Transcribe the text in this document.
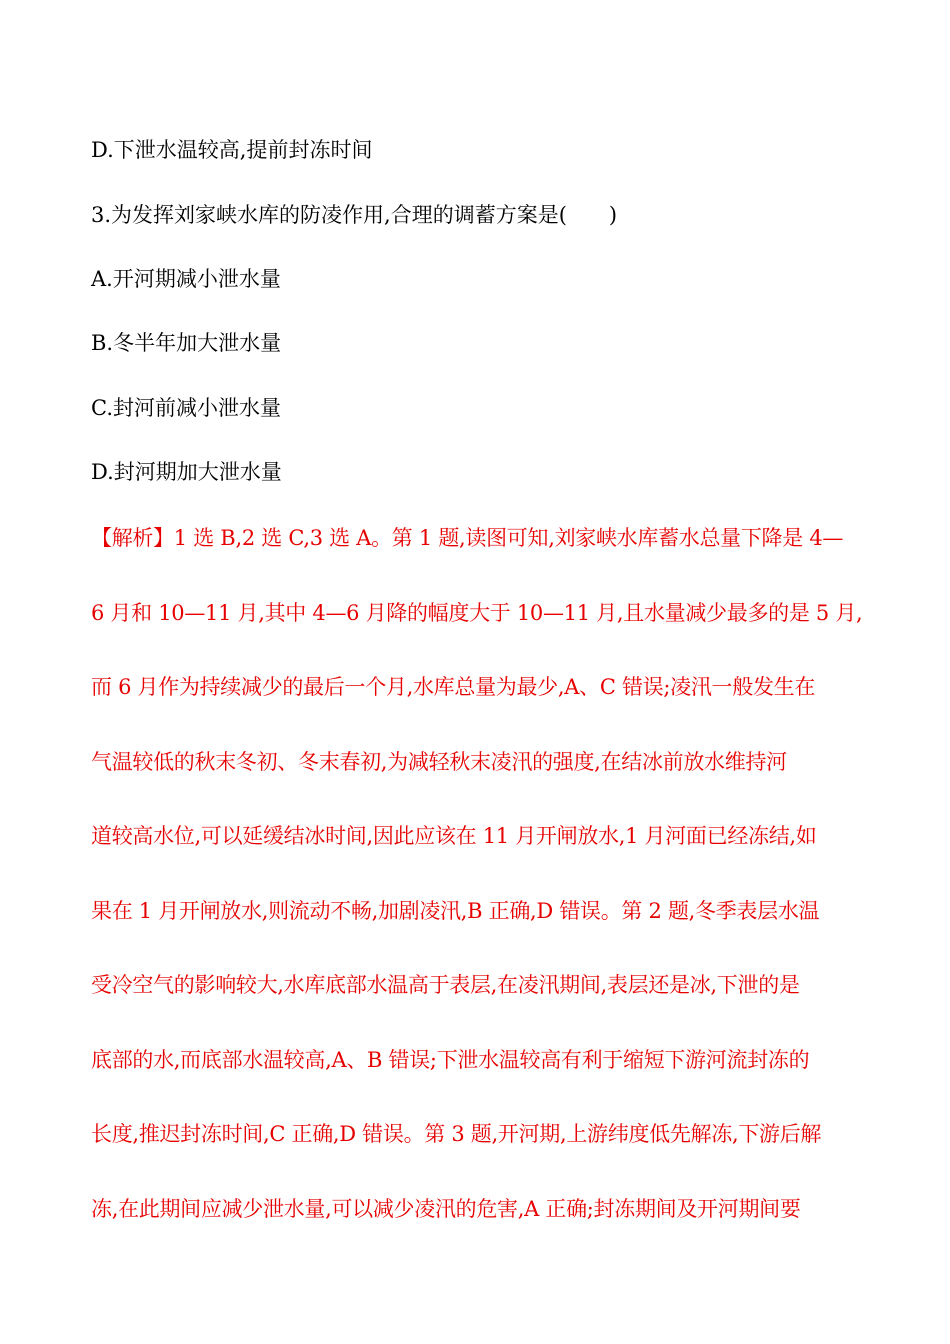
D.下泄水温较高,提前封冻时间

3.为发挥刘家峡水库的防凌作用,合理的调蓄方案是(　　)

A.开河期减小泄水量

B.冬半年加大泄水量

C.封河前减小泄水量

D.封河期加大泄水量

【解析】1 选 B,2 选 C,3 选 A。第 1 题,读图可知,刘家峡水库蓄水总量下降是 4—
6 月和 10—11 月,其中 4—6 月降的幅度大于 10—11 月,且水量减少最多的是 5 月,
而 6 月作为持续减少的最后一个月,水库总量为最少,A、C 错误;凌汛一般发生在
气温较低的秋末冬初、冬末春初,为减轻秋末凌汛的强度,在结冰前放水维持河
道较高水位,可以延缓结冰时间,因此应该在 11 月开闸放水,1 月河面已经冻结,如
果在 1 月开闸放水,则流动不畅,加剧凌汛,B 正确,D 错误。第 2 题,冬季表层水温
受冷空气的影响较大,水库底部水温高于表层,在凌汛期间,表层还是冰,下泄的是
底部的水,而底部水温较高,A、B 错误;下泄水温较高有利于缩短下游河流封冻的
长度,推迟封冻时间,C 正确,D 错误。第 3 题,开河期,上游纬度低先解冻,下游后解
冻,在此期间应减少泄水量,可以减少凌汛的危害,A 正确;封冻期间及开河期间要
